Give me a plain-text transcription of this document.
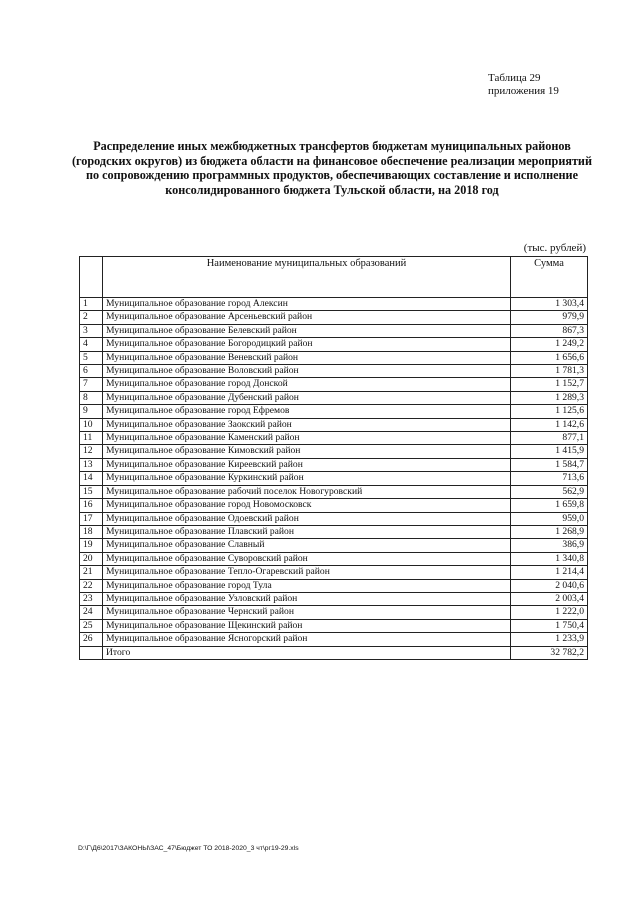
Таблица 29
приложения 19
Распределение иных межбюджетных трансфертов бюджетам муниципальных районов (городских округов) из бюджета области на финансовое обеспечение реализации мероприятий по сопровождению программных продуктов, обеспечивающих составление и исполнение консолидированного бюджета Тульской области, на 2018 год
(тыс. рублей)
	Наименование муниципальных образований	Сумма
1	Муниципальное образование город Алексин	1 303,4
2	Муниципальное образование Арсеньевский район	979,9
3	Муниципальное образование Белевский район	867,3
4	Муниципальное образование Богородицкий район	1 249,2
5	Муниципальное образование Веневский район	1 656,6
6	Муниципальное образование Воловский район	1 781,3
7	Муниципальное образование город Донской	1 152,7
8	Муниципальное образование Дубенский район	1 289,3
9	Муниципальное образование город Ефремов	1 125,6
10	Муниципальное образование Заокский район	1 142,6
11	Муниципальное образование Каменский район	877,1
12	Муниципальное образование Кимовский район	1 415,9
13	Муниципальное образование Киреевский район	1 584,7
14	Муниципальное образование Куркинский район	713,6
15	Муниципальное образование рабочий поселок Новогуровский	562,9
16	Муниципальное образование город Новомосковск	1 659,8
17	Муниципальное образование Одоевский район	959,0
18	Муниципальное образование Плавский район	1 268,9
19	Муниципальное образование Славный	386,9
20	Муниципальное образование Суворовский район	1 340,8
21	Муниципальное образование Тепло-Огаревский район	1 214,4
22	Муниципальное образование город Тула	2 040,6
23	Муниципальное образование Узловский район	2 003,4
24	Муниципальное образование Чернский район	1 222,0
25	Муниципальное образование Щекинский район	1 750,4
26	Муниципальное образование Ясногорский район	1 233,9
	Итого	32 782,2
D:\Г\Д6\2017\ЗАКОНЫ\ЗАС_47\Бюджет ТО 2018-2020_3 чт\рг19-29.xls
